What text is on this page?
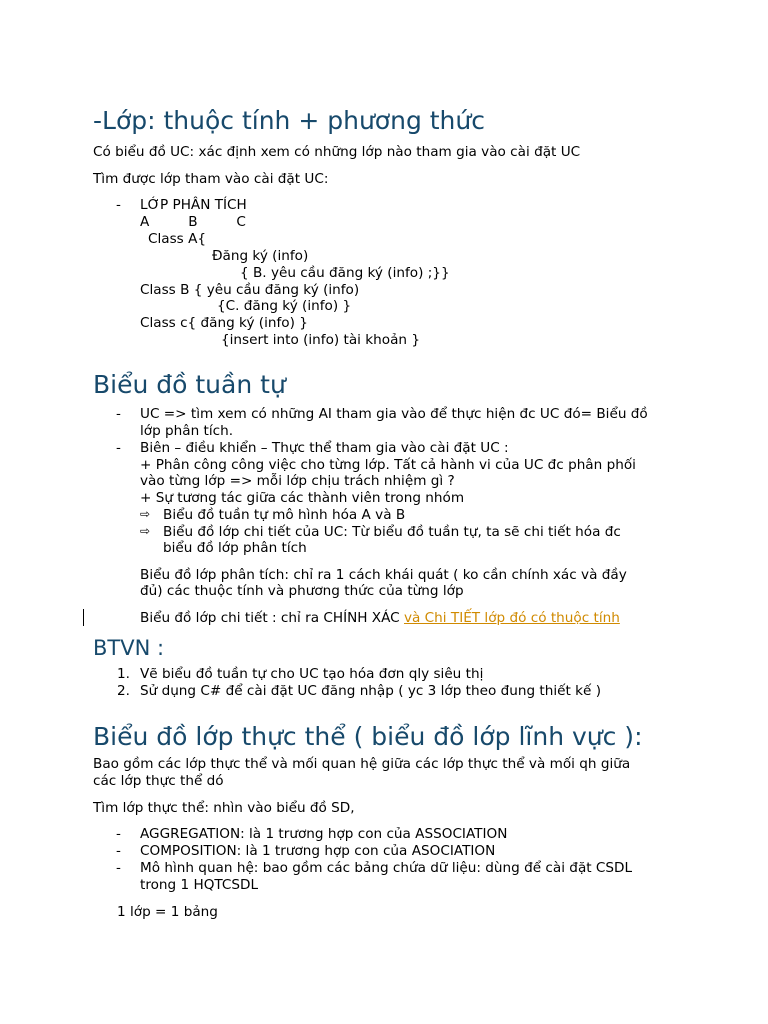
-Lớp: thuộc tính + phương thức
Có biểu đồ UC: xác định xem có những lớp nào tham gia vào cài đặt UC
Tìm được lớp tham vào cài đặt UC:
- LỚP PHÂN TÍCH
A         B         C
Class A{
Đăng ký (info)
{ B. yêu cầu đăng ký (info) ;}}
Class B { yêu cầu đăng ký (info)
{C. đăng ký (info) }
Class c{ đăng ký (info) }
{insert into (info) tài khoản }
Biểu đồ tuần tự
- UC => tìm xem có những AI tham gia vào để thực hiện đc UC đó= Biểu đồ
lớp phân tích.
- Biên – điều khiển – Thực thể tham gia vào cài đặt UC :
+ Phân công công việc cho từng lớp. Tất cả hành vi của UC đc phân phối
vào từng lớp => mỗi lớp chịu trách nhiệm gì ?
+ Sự tương tác giữa các thành viên trong nhóm
⇨ Biểu đồ tuần tự mô hình hóa A và B
⇨ Biểu đồ lớp chi tiết của UC: Từ biểu đồ tuần tự, ta sẽ chi tiết hóa đc
biểu đồ lớp phân tích
Biểu đồ lớp phân tích: chỉ ra 1 cách khái quát ( ko cần chính xác và đầy
đủ) các thuộc tính và phương thức của từng lớp
Biểu đồ lớp chi tiết : chỉ ra CHÍNH XÁC và Chi TIẾT lớp đó có thuộc tính
BTVN :
1. Vẽ biểu đồ tuần tự cho UC tạo hóa đơn qly siêu thị
2. Sử dụng C# để cài đặt UC đăng nhập ( yc 3 lớp theo đung thiết kế )
Biểu đồ lớp thực thể ( biểu đồ lớp lĩnh vực ):
Bao gồm các lớp thực thể và mối quan hệ giữa các lớp thực thể và mối qh giữa
các lớp thực thể dó
Tìm lớp thực thể: nhìn vào biểu đồ SD,
- AGGREGATION: là 1 trương hợp con của ASSOCIATION
- COMPOSITION: là 1 trương hợp con của ASOCIATION
- Mô hình quan hệ: bao gồm các bảng chứa dữ liệu: dùng để cài đặt CSDL
trong 1 HQTCSDL
1 lớp = 1 bảng
